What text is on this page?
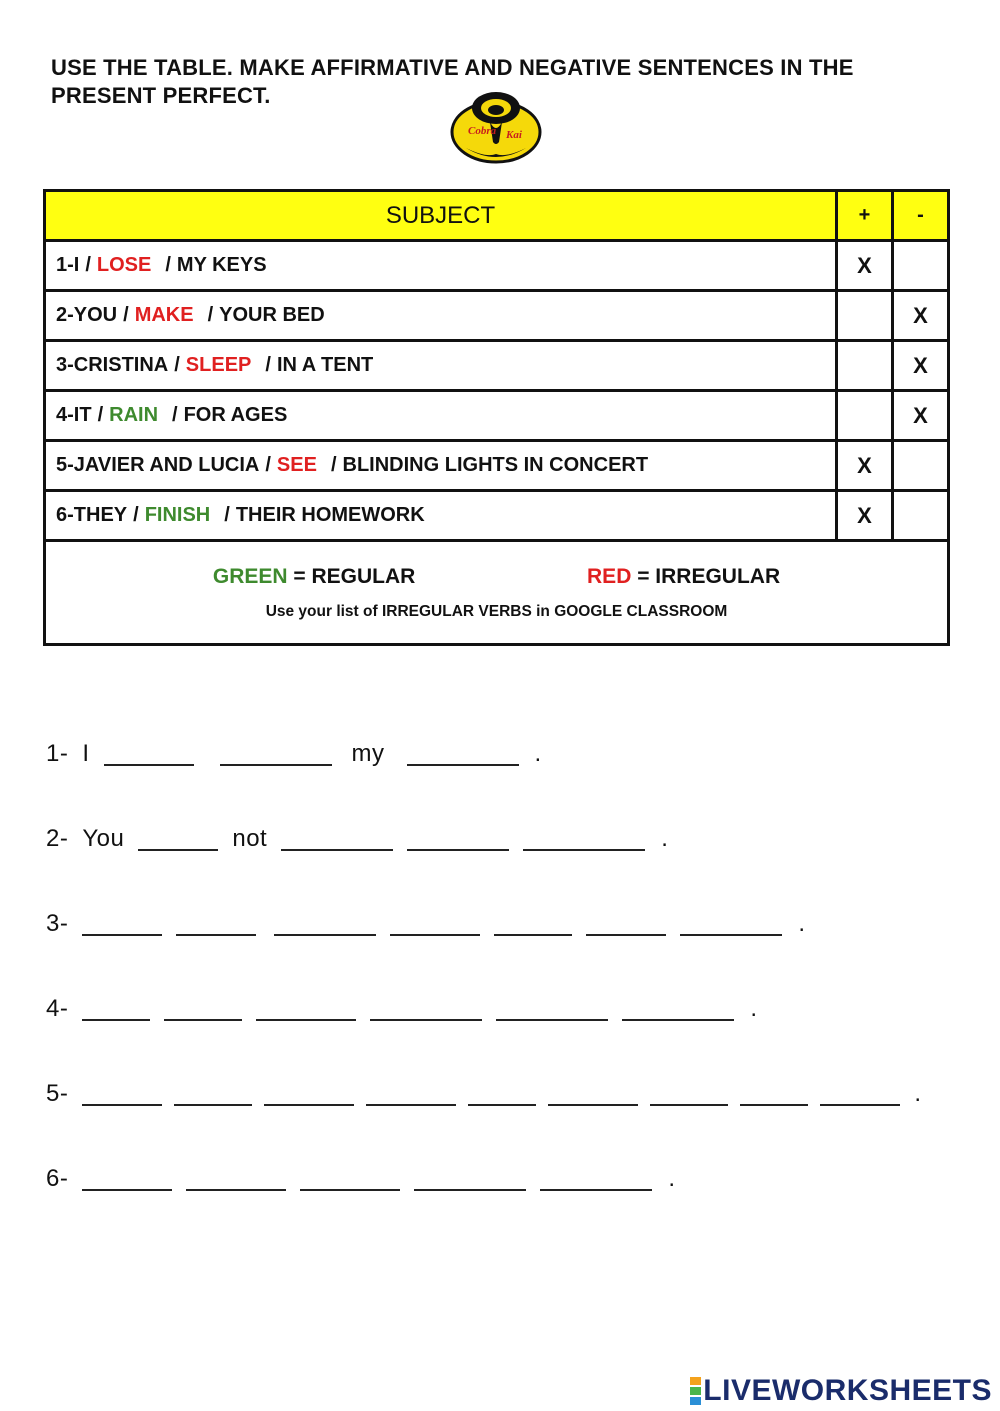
USE THE TABLE. MAKE AFFIRMATIVE AND NEGATIVE SENTENCES IN THE
PRESENT PERFECT.
Cobra Kai
SUBJECT	+	-
1-I / LOSE / MY KEYS	X	
2-YOU / MAKE / YOUR BED		X
3-CRISTINA / SLEEP / IN A TENT		X
4-IT / RAIN / FOR AGES		X
5-JAVIER AND LUCIA / SEE / BLINDING LIGHTS IN CONCERT	X	
6-THEY / FINISH / THEIR HOMEWORK	X	

GREEN = REGULAR RED = IRREGULAR
Use your list of IRREGULAR VERBS in GOOGLE CLASSROOM		
1- I	my	.
2- You	not	.
3-	.
4-	.
5-	.
6-	.
LIVEWORKSHEETS
